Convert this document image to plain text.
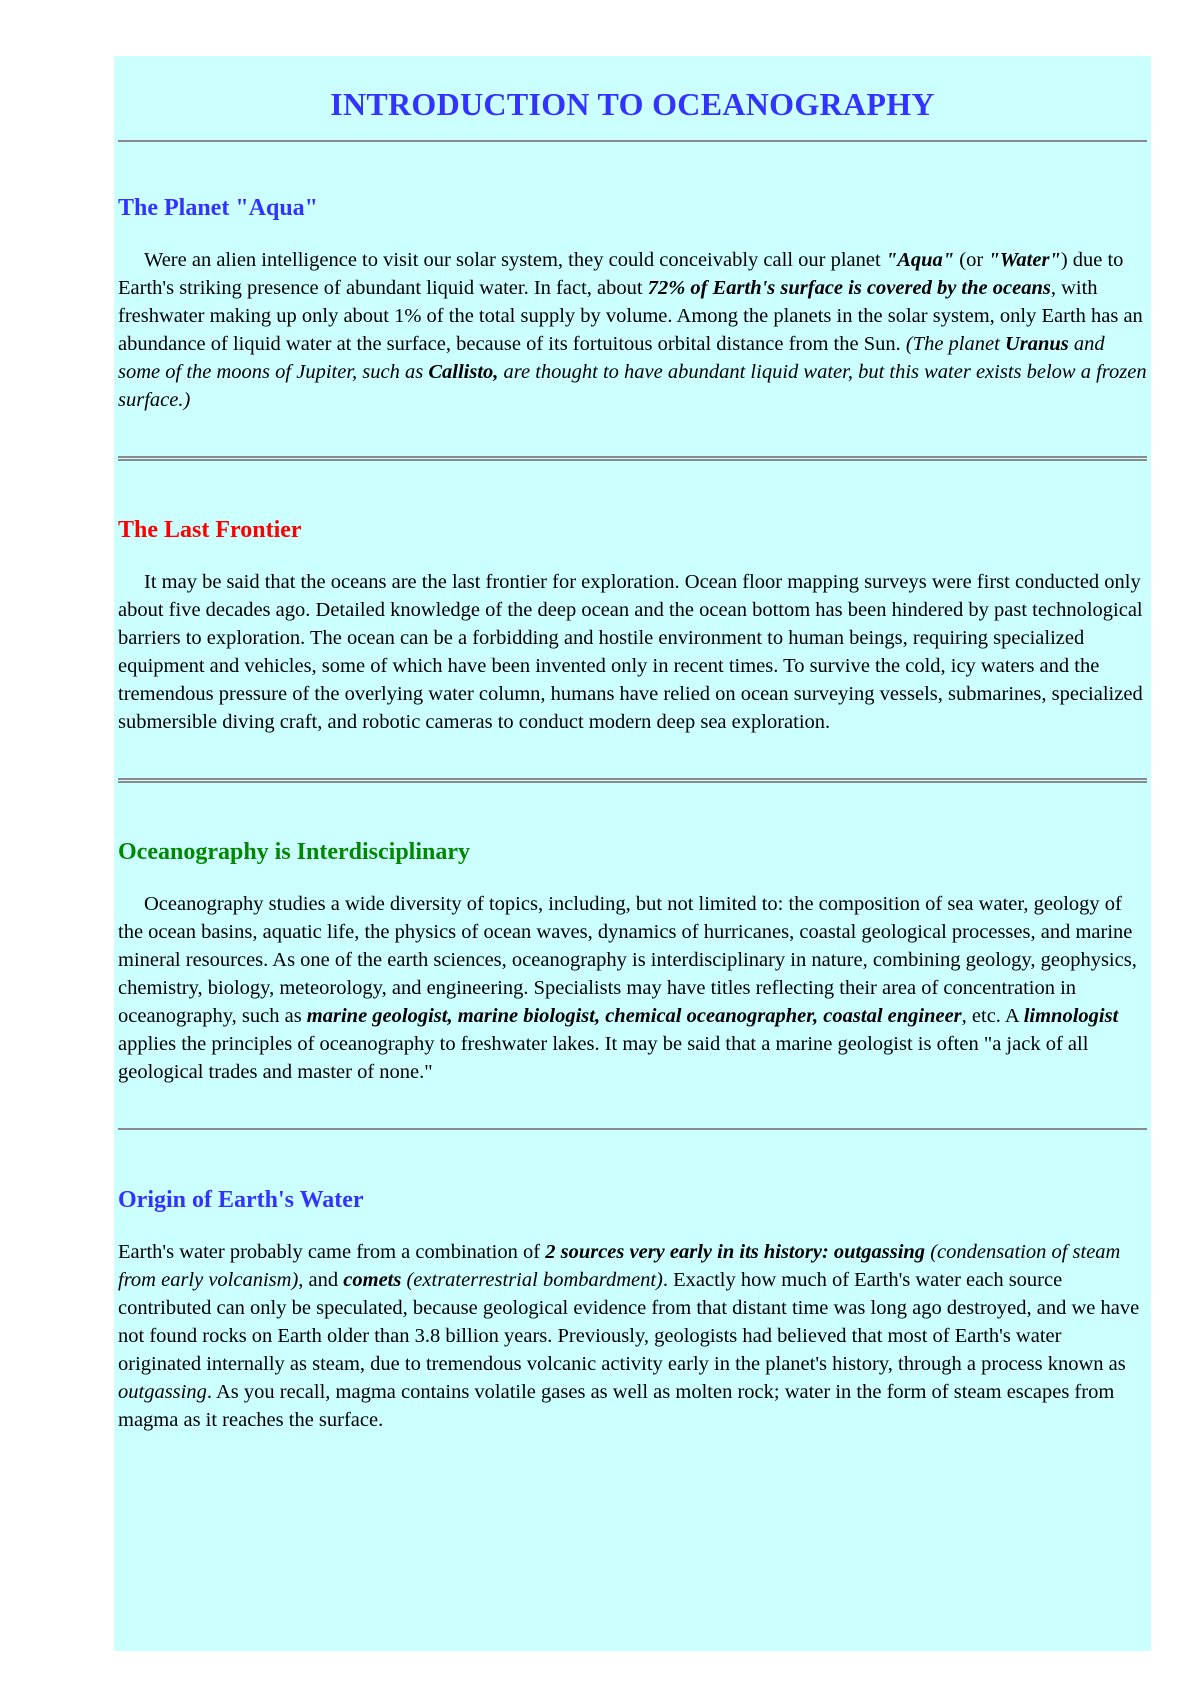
INTRODUCTION TO OCEANOGRAPHY
The Planet "Aqua"

Were an alien intelligence to visit our solar system, they could conceivably call our planet "Aqua" (or "Water") due to Earth's striking presence of abundant liquid water. In fact, about 72% of Earth's surface is covered by the oceans, with freshwater making up only about 1% of the total supply by volume. Among the planets in the solar system, only Earth has an abundance of liquid water at the surface, because of its fortuitous orbital distance from the Sun. (The planet Uranus and some of the moons of Jupiter, such as Callisto, are thought to have abundant liquid water, but this water exists below a frozen surface.)

The Last Frontier

It may be said that the oceans are the last frontier for exploration. Ocean floor mapping surveys were first conducted only about five decades ago. Detailed knowledge of the deep ocean and the ocean bottom has been hindered by past technological barriers to exploration. The ocean can be a forbidding and hostile environment to human beings, requiring specialized equipment and vehicles, some of which have been invented only in recent times. To survive the cold, icy waters and the tremendous pressure of the overlying water column, humans have relied on ocean surveying vessels, submarines, specialized submersible diving craft, and robotic cameras to conduct modern deep sea exploration.

Oceanography is Interdisciplinary

Oceanography studies a wide diversity of topics, including, but not limited to: the composition of sea water, geology of the ocean basins, aquatic life, the physics of ocean waves, dynamics of hurricanes, coastal geological processes, and marine mineral resources. As one of the earth sciences, oceanography is interdisciplinary in nature, combining geology, geophysics, chemistry, biology, meteorology, and engineering. Specialists may have titles reflecting their area of concentration in oceanography, such as marine geologist, marine biologist, chemical oceanographer, coastal engineer, etc. A limnologist applies the principles of oceanography to freshwater lakes. It may be said that a marine geologist is often "a jack of all geological trades and master of none."

Origin of Earth's Water

Earth's water probably came from a combination of 2 sources very early in its history: outgassing (condensation of steam from early volcanism), and comets (extraterrestrial bombardment). Exactly how much of Earth's water each source contributed can only be speculated, because geological evidence from that distant time was long ago destroyed, and we have not found rocks on Earth older than 3.8 billion years. Previously, geologists had believed that most of Earth's water originated internally as steam, due to tremendous volcanic activity early in the planet's history, through a process known as outgassing. As you recall, magma contains volatile gases as well as molten rock; water in the form of steam escapes from magma as it reaches the surface.
